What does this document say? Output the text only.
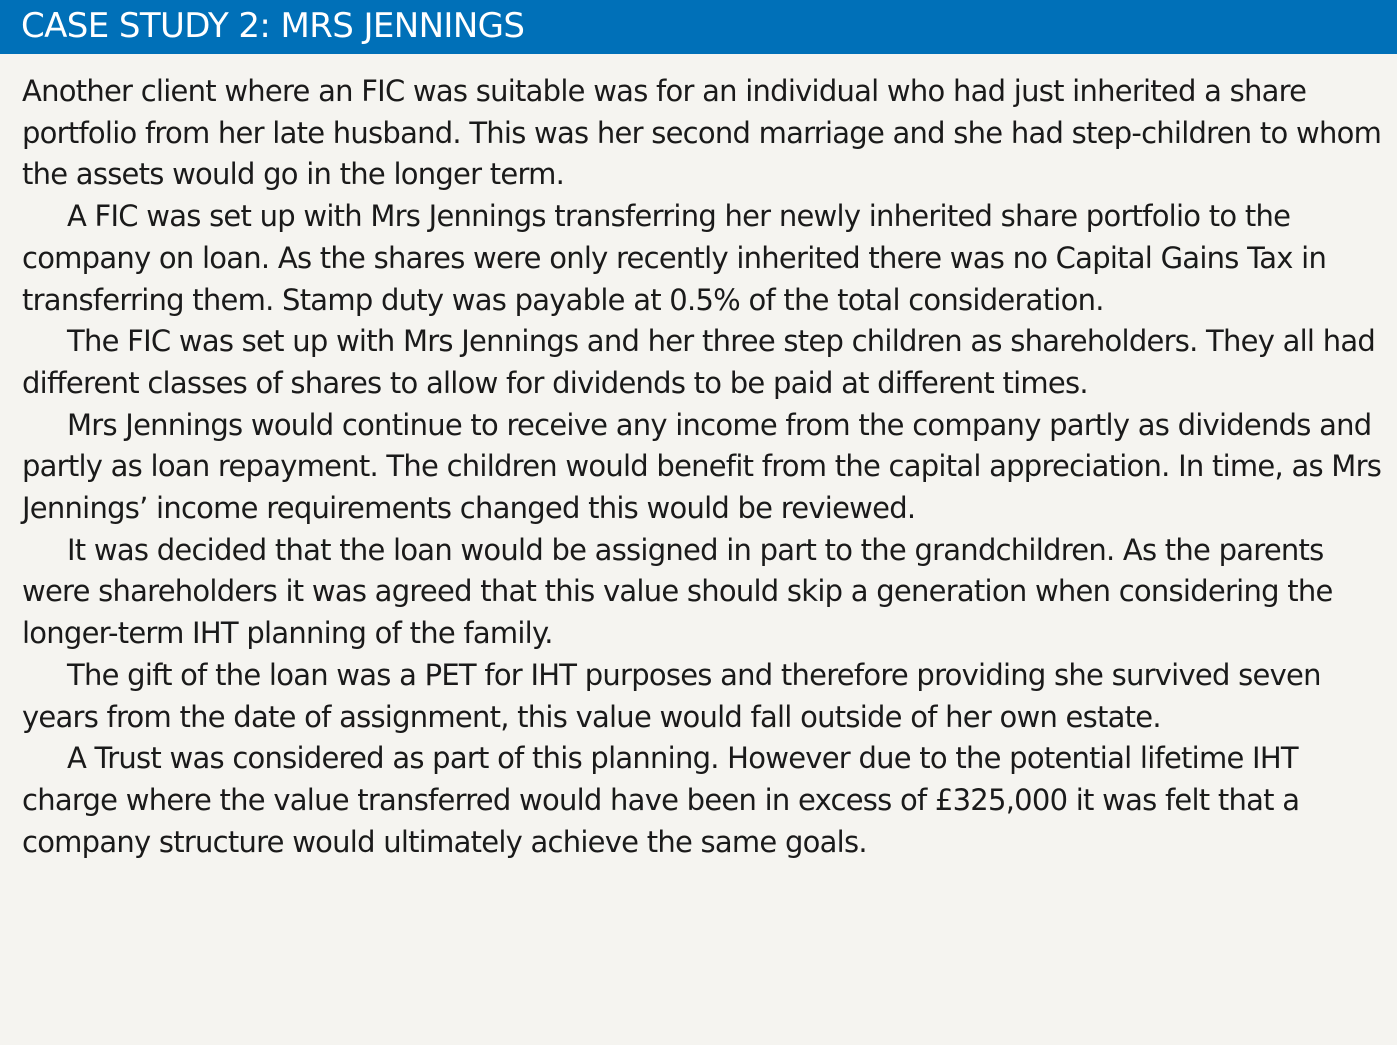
CASE STUDY 2: MRS JENNINGS

Another client where an FIC was suitable was for an individual who had just inherited a share portfolio from her late husband. This was her second marriage and she had step-children to whom the assets would go in the longer term.

A FIC was set up with Mrs Jennings transferring her newly inherited share portfolio to the company on loan. As the shares were only recently inherited there was no Capital Gains Tax in transferring them. Stamp duty was payable at 0.5% of the total consideration.

The FIC was set up with Mrs Jennings and her three step children as shareholders. They all had different classes of shares to allow for dividends to be paid at different times.

Mrs Jennings would continue to receive any income from the company partly as dividends and partly as loan repayment. The children would benefit from the capital appreciation. In time, as Mrs Jennings’ income requirements changed this would be reviewed.

It was decided that the loan would be assigned in part to the grandchildren. As the parents were shareholders it was agreed that this value should skip a generation when considering the longer-term IHT planning of the family.

The gift of the loan was a PET for IHT purposes and therefore providing she survived seven years from the date of assignment, this value would fall outside of her own estate.

A Trust was considered as part of this planning. However due to the potential lifetime IHT charge where the value transferred would have been in excess of £325,000 it was felt that a company structure would ultimately achieve the same goals.
